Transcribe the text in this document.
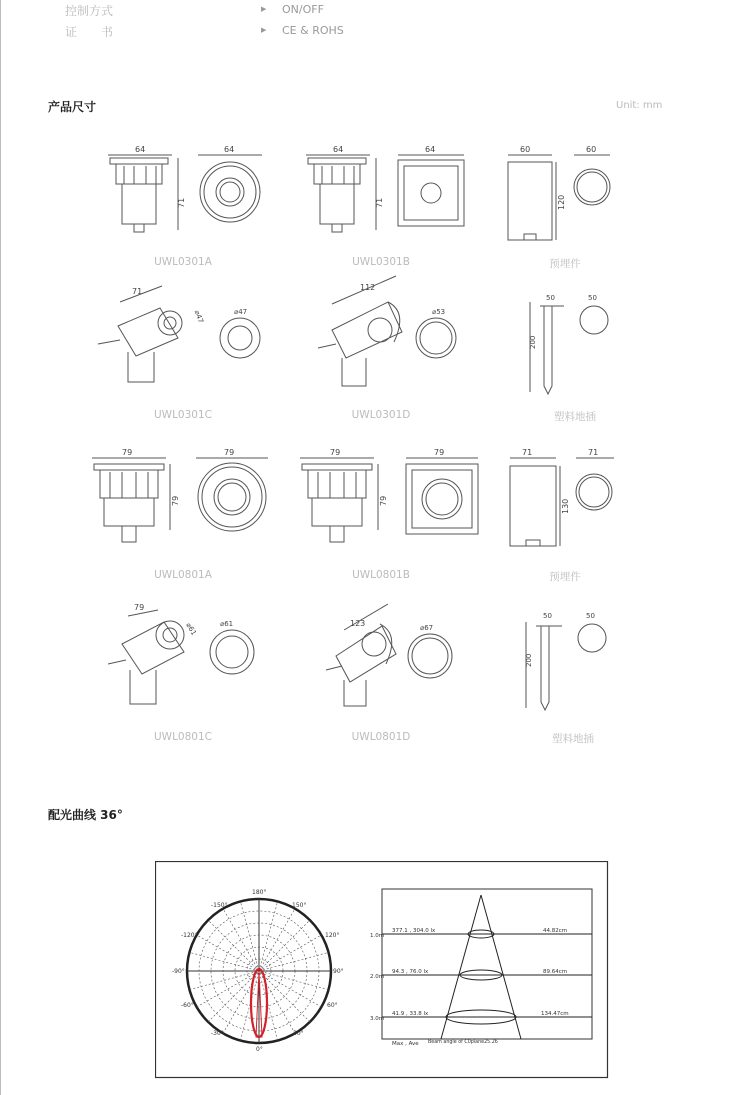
控制方式	▶ ON/OFF
证　　书	▶ CE & ROHS
产品尺寸	Unit: mm
64
71
64	64
71
64	60
120
60
71
⌀47	⌀47
112
⌀53
200
50	50
79
79
79	79
79
79	71
130
71
79
⌀61	⌀61	123	⌀67
200
50	50
UWL0301A	UWL0301B	预埋件
UWL0301C	UWL0301D	塑料地插
UWL0801A	UWL0801B	预埋件
UWL0801C	UWL0801D	塑料地插
配光曲线 36°
180°
-150°	150°
-120°	120°
-90°	90°
-60°	60°
-30°	30°
0°
1.0m
377.1 , 304.0 lx	44.82cm
2.0m
94.3 , 76.0 lx	89.64cm
3.0m
41.9 , 33.8 lx	134.47cm
Max , Ave Beam angle of C0plane25.26
